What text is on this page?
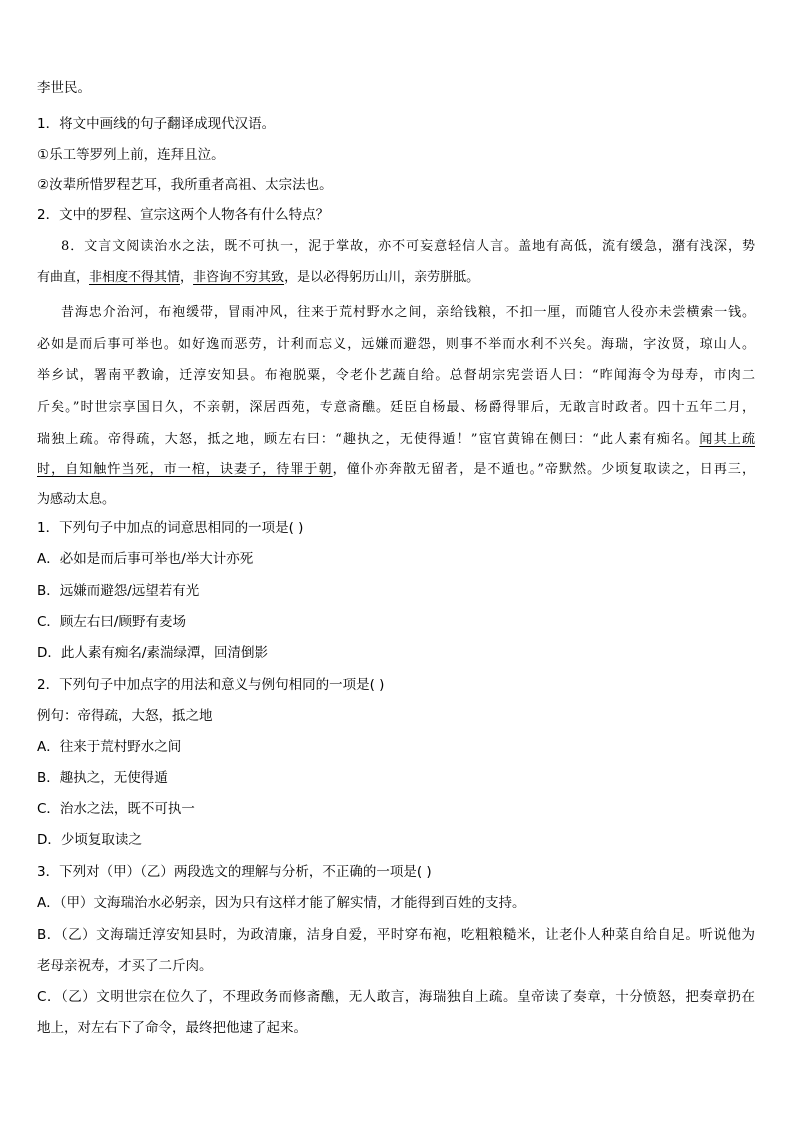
李世民。
1．将文中画线的句子翻译成现代汉语。
①乐工等罗列上前，连拜且泣。
②汝辈所惜罗程艺耳，我所重者高祖、太宗法也。
2．文中的罗程、宣宗这两个人物各有什么特点？
8．文言文阅读治水之法，既不可执一，泥于掌故，亦不可妄意轻信人言。盖地有高低，流有缓急，潴有浅深，势
有曲直，非相度不得其情，非咨询不穷其致，是以必得躬历山川，亲劳胼胝。
昔海忠介治河，布袍缓带，冒雨冲风，往来于荒村野水之间，亲给钱粮，不扣一厘，而随官人役亦未尝横索一钱。
必如是而后事可举也。如好逸而恶劳，计利而忘义，远嫌而避怨，则事不举而水利不兴矣。海瑞，字汝贤，琼山人。
举乡试，署南平教谕，迁淳安知县。布袍脱粟，令老仆艺蔬自给。总督胡宗宪尝语人曰：“昨闻海令为母寿，市肉二
斤矣。”时世宗享国日久，不亲朝，深居西苑，专意斋醮。廷臣自杨最、杨爵得罪后，无敢言时政者。四十五年二月，
瑞独上疏。帝得疏，大怒，抵之地，顾左右曰：“趣执之，无使得遁！”宦官黄锦在侧曰：“此人素有痴名。闻其上疏
时，自知触忤当死，市一棺，诀妻子，待罪于朝，僮仆亦奔散无留者，是不遁也。”帝默然。少顷复取读之，日再三，
为感动太息。
1．下列句子中加点的词意思相同的一项是( )
A．必如是而后事可举也/举大计亦死
B．远嫌而避怨/远望若有光
C．顾左右曰/顾野有麦场
D．此人素有痴名/素湍绿潭，回清倒影
2．下列句子中加点字的用法和意义与例句相同的一项是( )
例句：帝得疏，大怒，抵之地
A．往来于荒村野水之间
B．趣执之，无使得遁
C．治水之法，既不可执一
D．少顷复取读之
3．下列对（甲）（乙）两段选文的理解与分析，不正确的一项是( )
A．（甲）文海瑞治水必躬亲，因为只有这样才能了解实情，才能得到百姓的支持。
B．（乙）文海瑞迁淳安知县时，为政清廉，洁身自爱，平时穿布袍，吃粗粮糙米，让老仆人种菜自给自足。听说他为
老母亲祝寿，才买了二斤肉。
C．（乙）文明世宗在位久了，不理政务而修斋醮，无人敢言，海瑞独自上疏。皇帝读了奏章，十分愤怒，把奏章扔在
地上，对左右下了命令，最终把他逮了起来。
